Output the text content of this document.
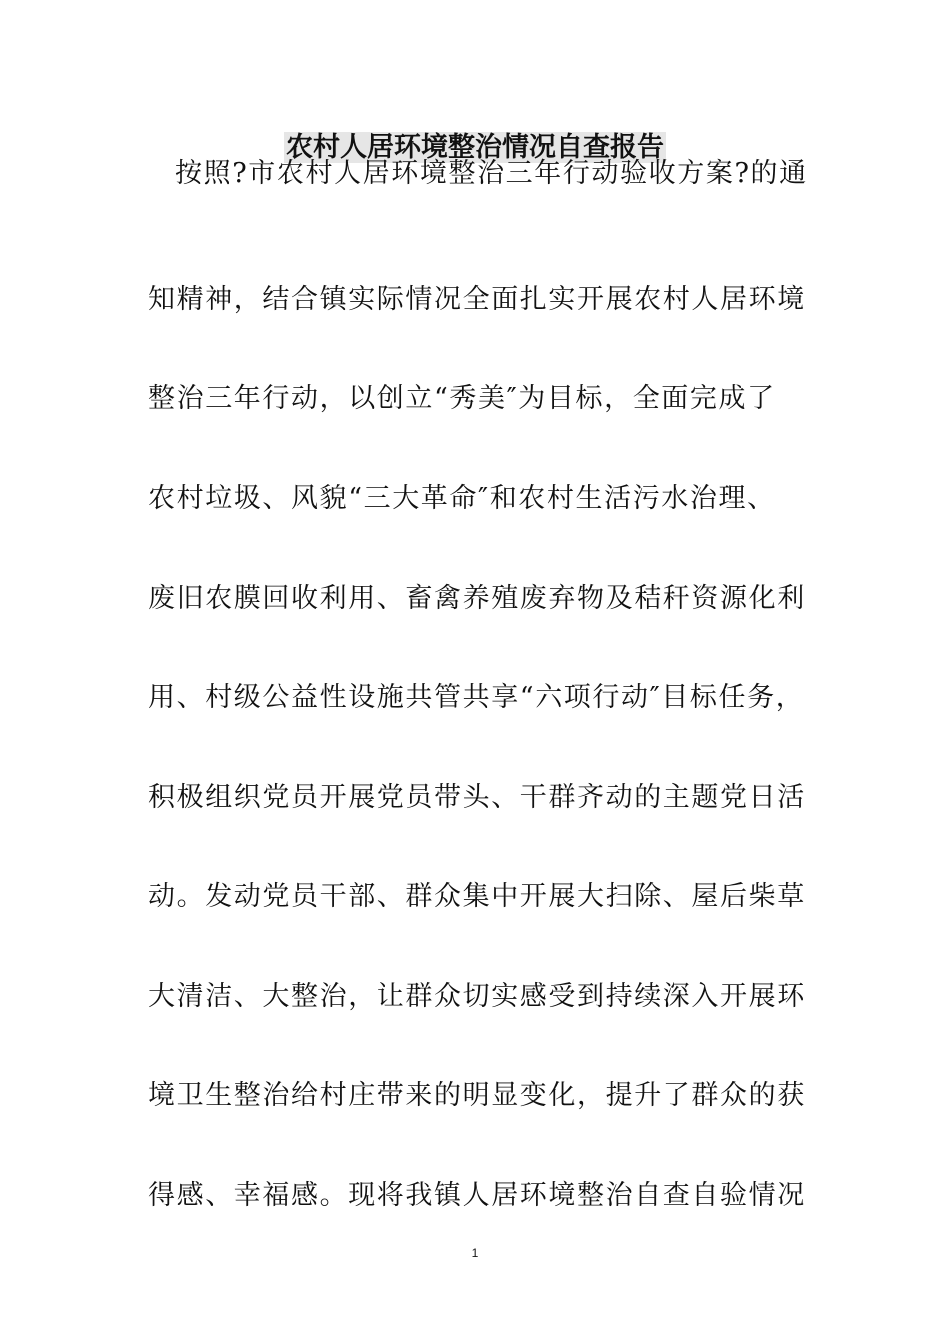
农村人居环境整治情况自查报告
按照?市农村人居环境整治三年行动验收方案?的通
知精神，结合镇实际情况全面扎实开展农村人居环境
整治三年行动，以创立“秀美″为目标，全面完成了
农村垃圾、风貌“三大革命″和农村生活污水治理、
废旧农膜回收利用、畜禽养殖废弃物及秸秆资源化利
用、村级公益性设施共管共享“六项行动″目标任务，
积极组织党员开展党员带头、干群齐动的主题党日活
动。发动党员干部、群众集中开展大扫除、屋后柴草
大清洁、大整治，让群众切实感受到持续深入开展环
境卫生整治给村庄带来的明显变化，提升了群众的获
得感、幸福感。现将我镇人居环境整治自查自验情况
1
